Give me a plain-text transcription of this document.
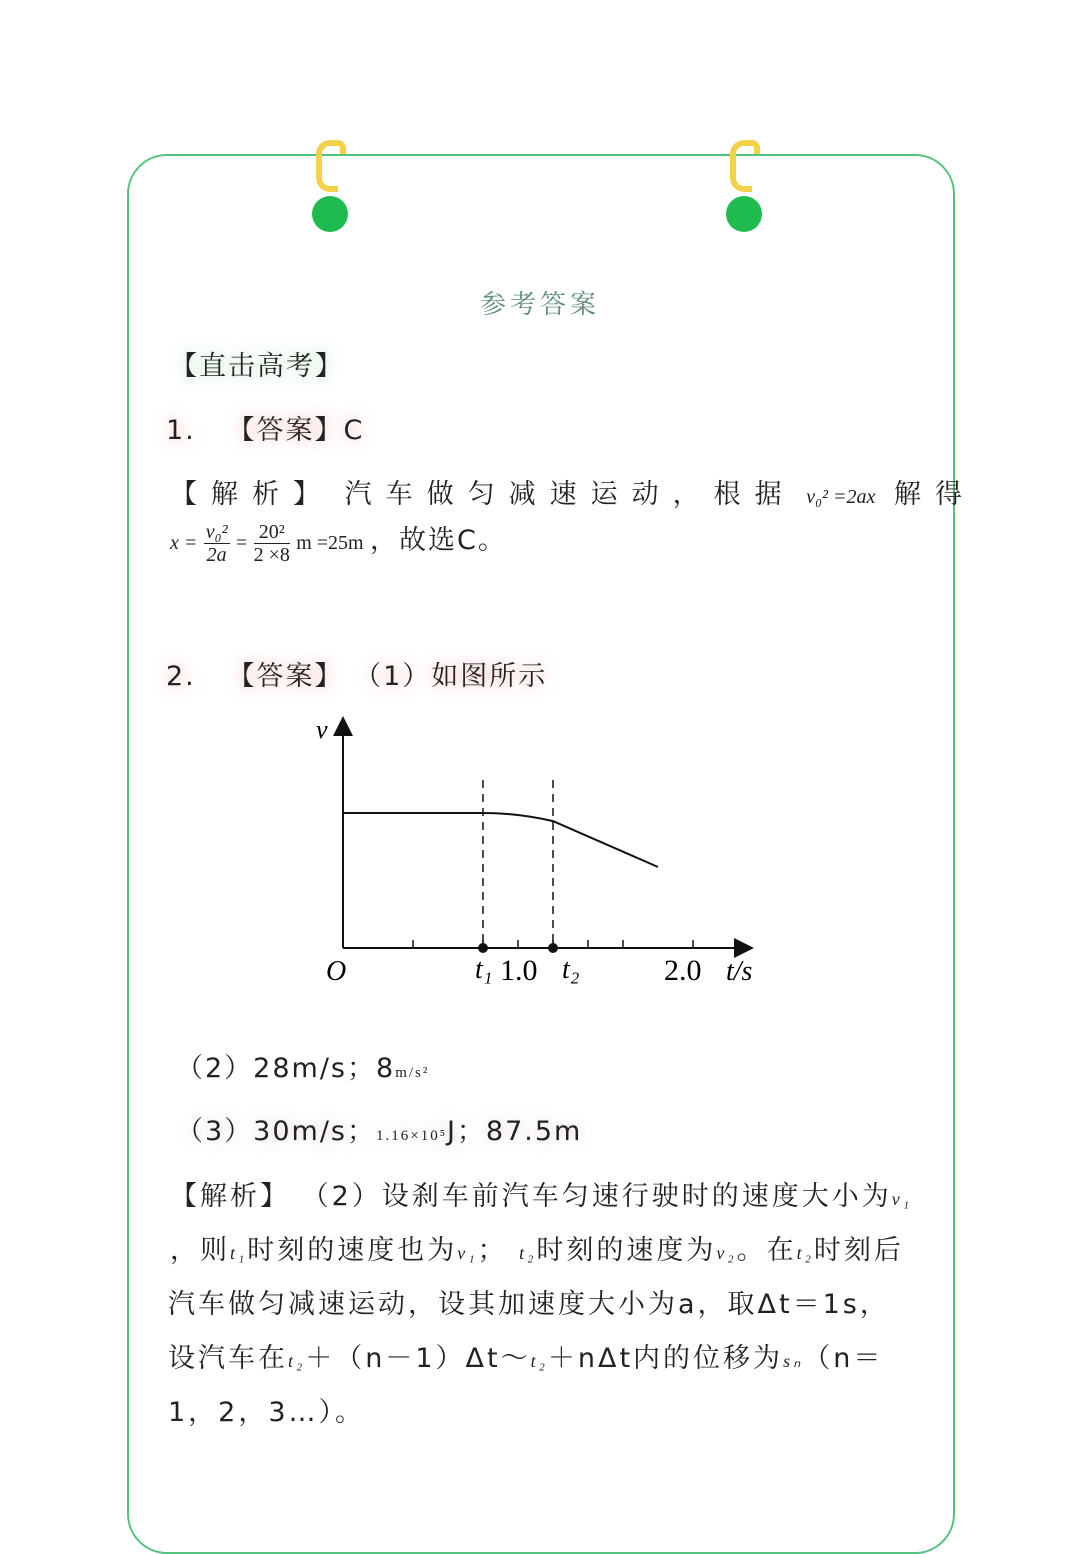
参考答案
【直击高考】
1. 【答案】C
【解析】 汽车做匀减速运动，根据 v₀² =2ax 解得
$x = \frac{\text{v₀²}}{2a} = \frac{\text{20²}}{2 \times 8}$ m =25m ，故选C。
2. 【答案】 （1）如图所示
v
O	t/s
t₁ 1.0 t₂	2.0
（2）28m/s；8m/s²
（3）30m/s；1.16×10⁵J；87.5m
【解析】 （2）设刹车前汽车匀速行驶时的速度大小为v₁
，则t₁时刻的速度也为v₁； t₂时刻的速度为v₂。在t₂时刻后
汽车做匀减速运动，设其加速度大小为a，取Δt＝1s，
设汽车在t₂＋（n－1）Δt～t₂＋nΔt内的位移为sₙ（n＝
1，2，3…）。
